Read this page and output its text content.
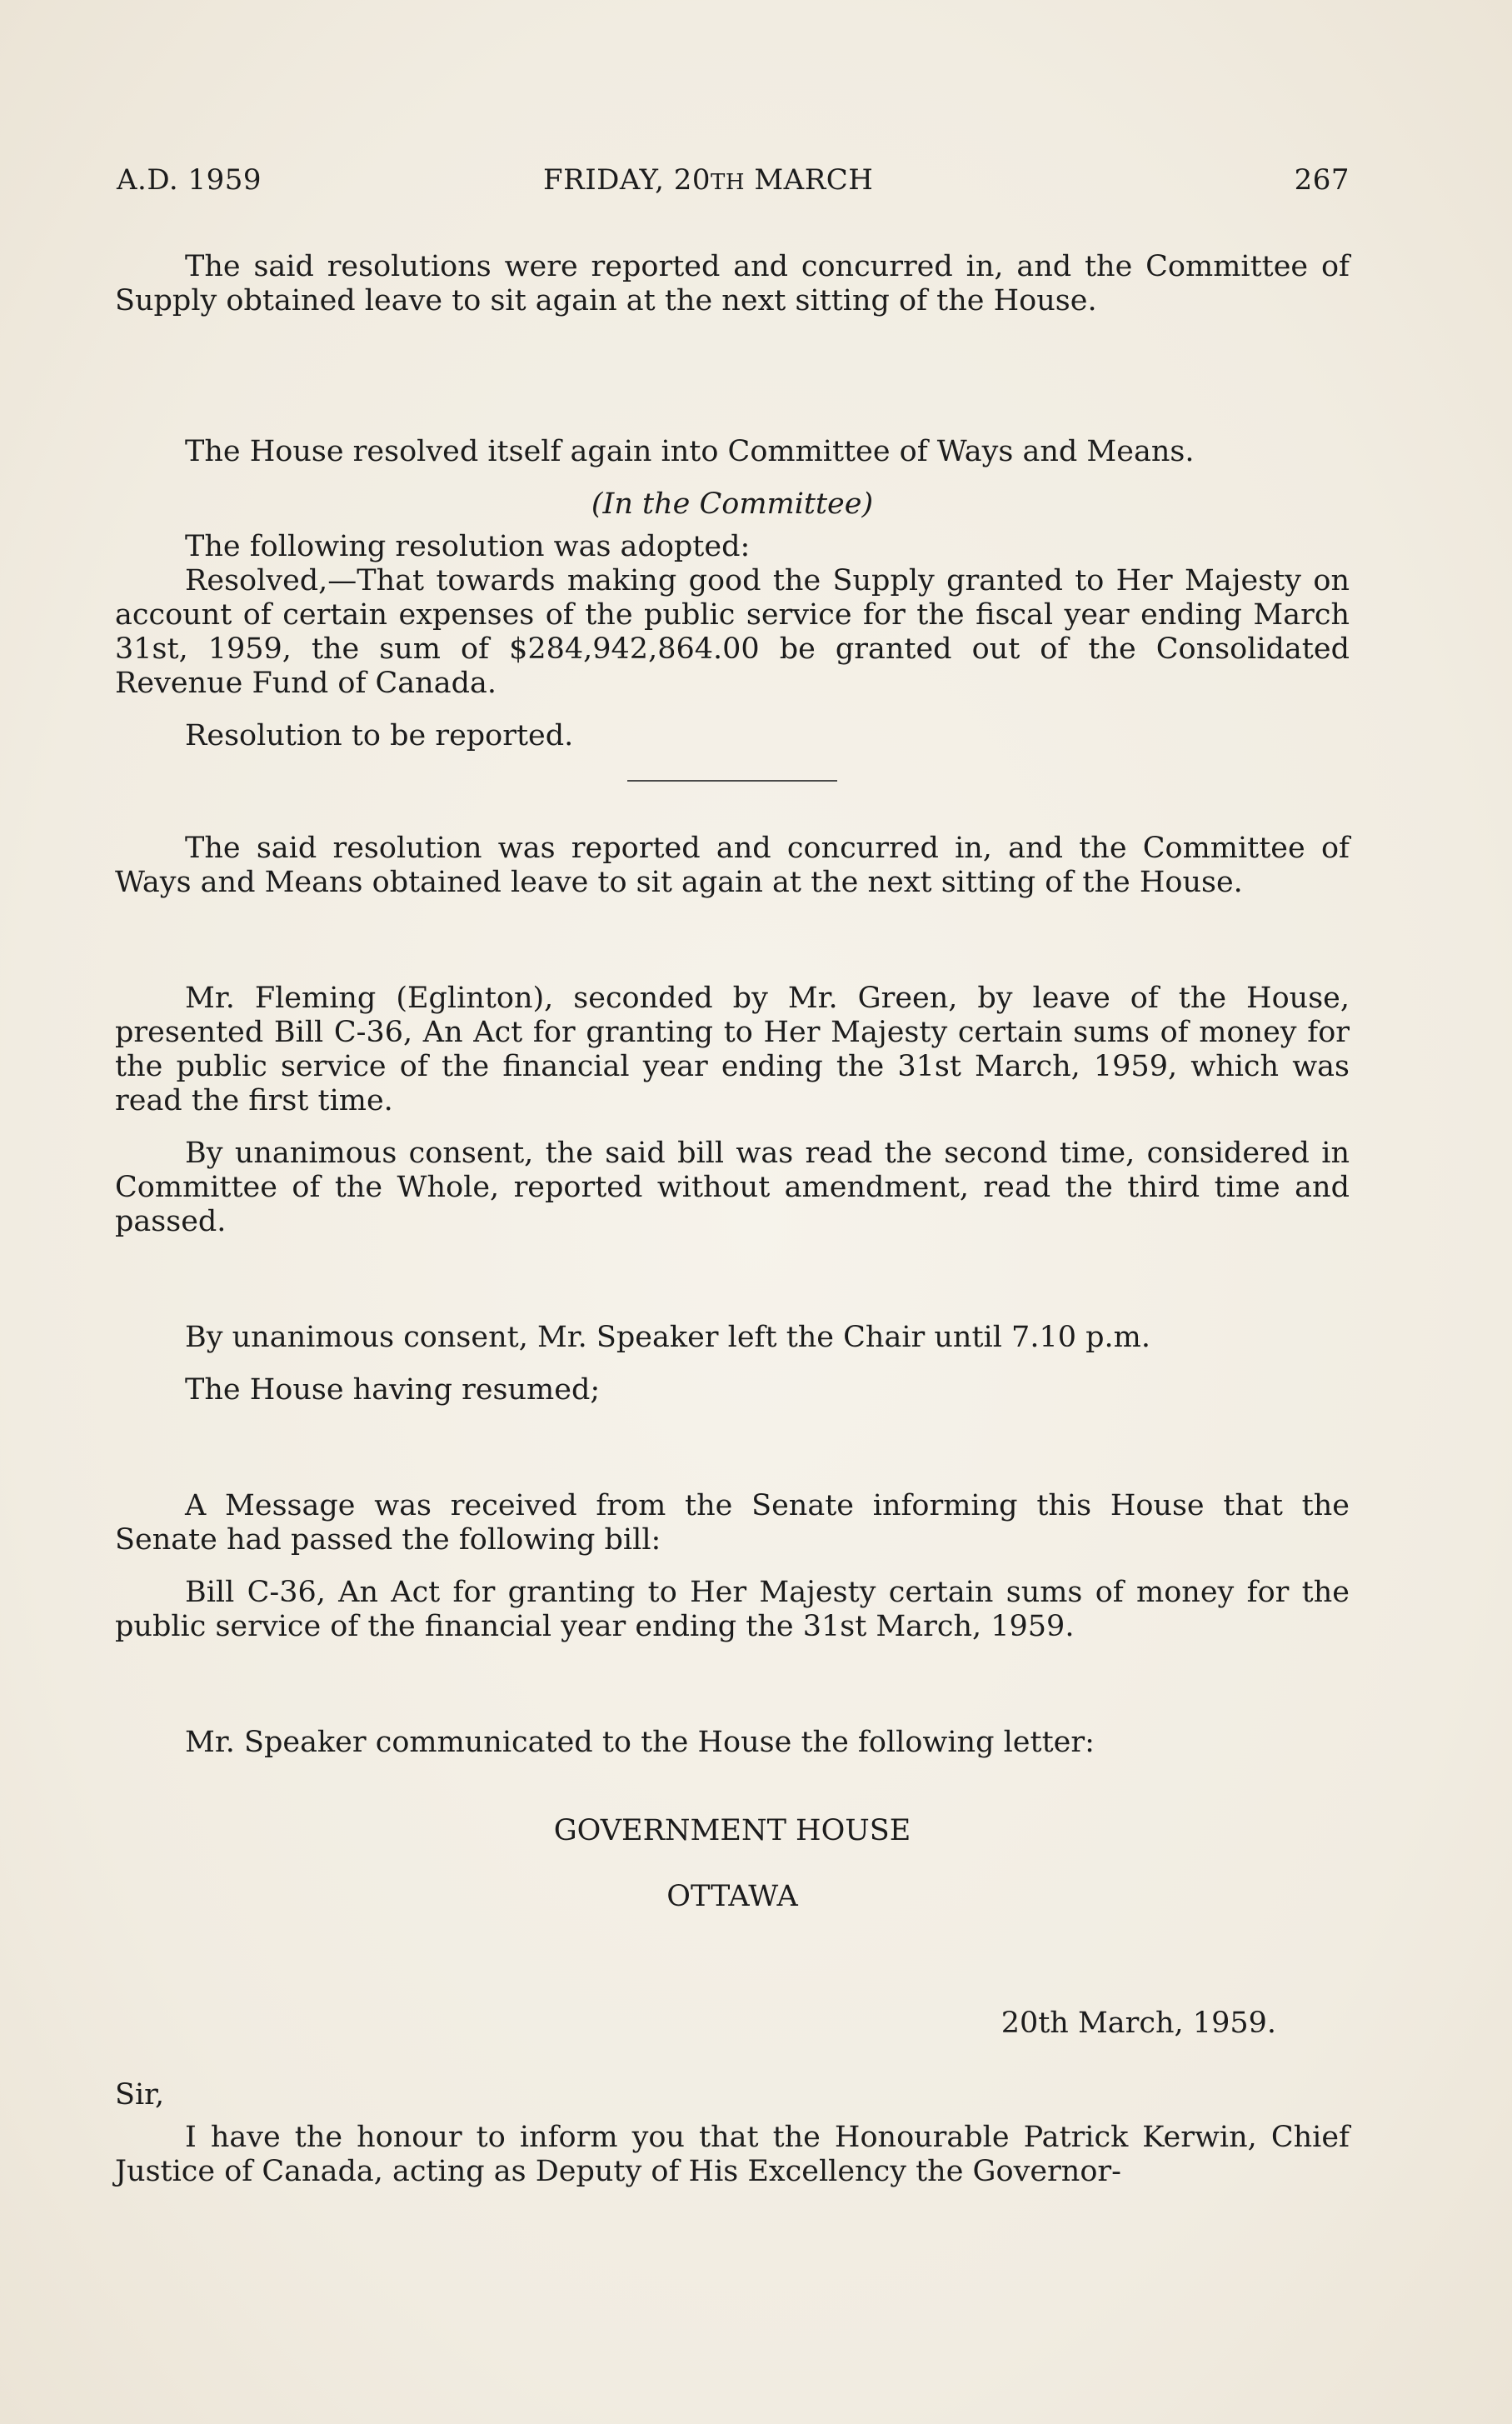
A.D. 1959	FRIDAY, 20TH MARCH	267

The said resolutions were reported and concurred in, and the Committee of Supply obtained leave to sit again at the next sitting of the House.

The House resolved itself again into Committee of Ways and Means.

(In the Committee)

The following resolution was adopted:

Resolved,—That towards making good the Supply granted to Her Majesty on account of certain expenses of the public service for the fiscal year ending March 31st, 1959, the sum of $284,942,864.00 be granted out of the Consolidated Revenue Fund of Canada.

Resolution to be reported.

The said resolution was reported and concurred in, and the Committee of Ways and Means obtained leave to sit again at the next sitting of the House.

Mr. Fleming (Eglinton), seconded by Mr. Green, by leave of the House, presented Bill C-36, An Act for granting to Her Majesty certain sums of money for the public service of the financial year ending the 31st March, 1959, which was read the first time.

By unanimous consent, the said bill was read the second time, considered in Committee of the Whole, reported without amendment, read the third time and passed.

By unanimous consent, Mr. Speaker left the Chair until 7.10 p.m.

The House having resumed;

A Message was received from the Senate informing this House that the Senate had passed the following bill:

Bill C-36, An Act for granting to Her Majesty certain sums of money for the public service of the financial year ending the 31st March, 1959.

Mr. Speaker communicated to the House the following letter:

GOVERNMENT HOUSE

OTTAWA

20th March, 1959.

Sir,

I have the honour to inform you that the Honourable Patrick Kerwin, Chief Justice of Canada, acting as Deputy of His Excellency the Governor-
